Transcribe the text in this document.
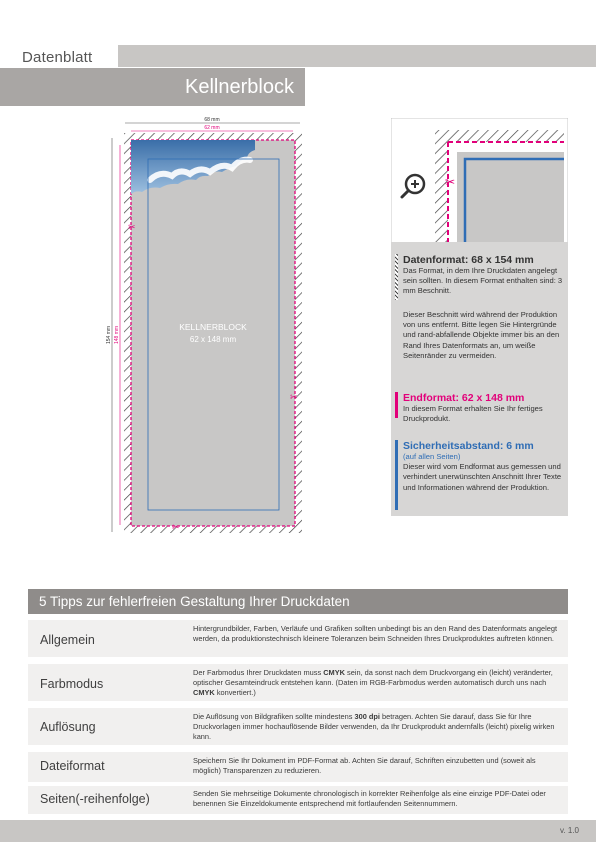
Datenblatt
Kellnerblock
68 mm
62 mm
154 mm 148 mm
✂
✂
✂
KELLNERBLOCK
62 x 148 mm
✂
Datenformat: 68 x 154 mm
Das Format, in dem Ihre Druckdaten angelegt sein sollten. In diesem Format enthalten sind: 3 mm Beschnitt.
Dieser Beschnitt wird während der Produktion von uns entfernt. Bitte legen Sie Hintergründe und rand-abfallende Objekte immer bis an den Rand Ihres Datenformats an, um weiße Seitenränder zu vermeiden.
Endformat: 62 x 148 mm
In diesem Format erhalten Sie Ihr fertiges Druckprodukt.
Sicherheitsabstand: 6 mm
(auf allen Seiten)
Dieser wird vom Endformat aus gemessen und verhindert unerwünschten Anschnitt Ihrer Texte und Informationen während der Produktion.
5 Tipps zur fehlerfreien Gestaltung Ihrer Druckdaten
Allgemein
Hintergrundbilder, Farben, Verläufe und Grafiken sollten unbedingt bis an den Rand des Datenformats angelegt werden, da produktionstechnisch kleinere Toleranzen beim Schneiden Ihres Druckproduktes auftreten können.
Farbmodus
Der Farbmodus Ihrer Druckdaten muss CMYK sein, da sonst nach dem Druckvorgang ein (leicht) veränderter, optischer Gesamteindruck entstehen kann. (Daten im RGB-Farbmodus werden automatisch durch uns nach CMYK konvertiert.)
Auflösung
Die Auflösung von Bildgrafiken sollte mindestens 300 dpi betragen. Achten Sie darauf, dass Sie für Ihre Druckvorlagen immer hochauflösende Bilder verwenden, da Ihr Druckprodukt andernfalls (leicht) pixelig wirken kann.
Dateiformat	Speichern Sie Ihr Dokument im PDF-Format ab. Achten Sie darauf, Schriften einzubetten und (soweit als möglich) Transparenzen zu reduzieren.
Seiten(-reihenfolge)	Senden Sie mehrseitige Dokumente chronologisch in korrekter Reihenfolge als eine einzige PDF-Datei oder benennen Sie Einzeldokumente entsprechend mit fortlaufenden Seitennummern.
v. 1.0
